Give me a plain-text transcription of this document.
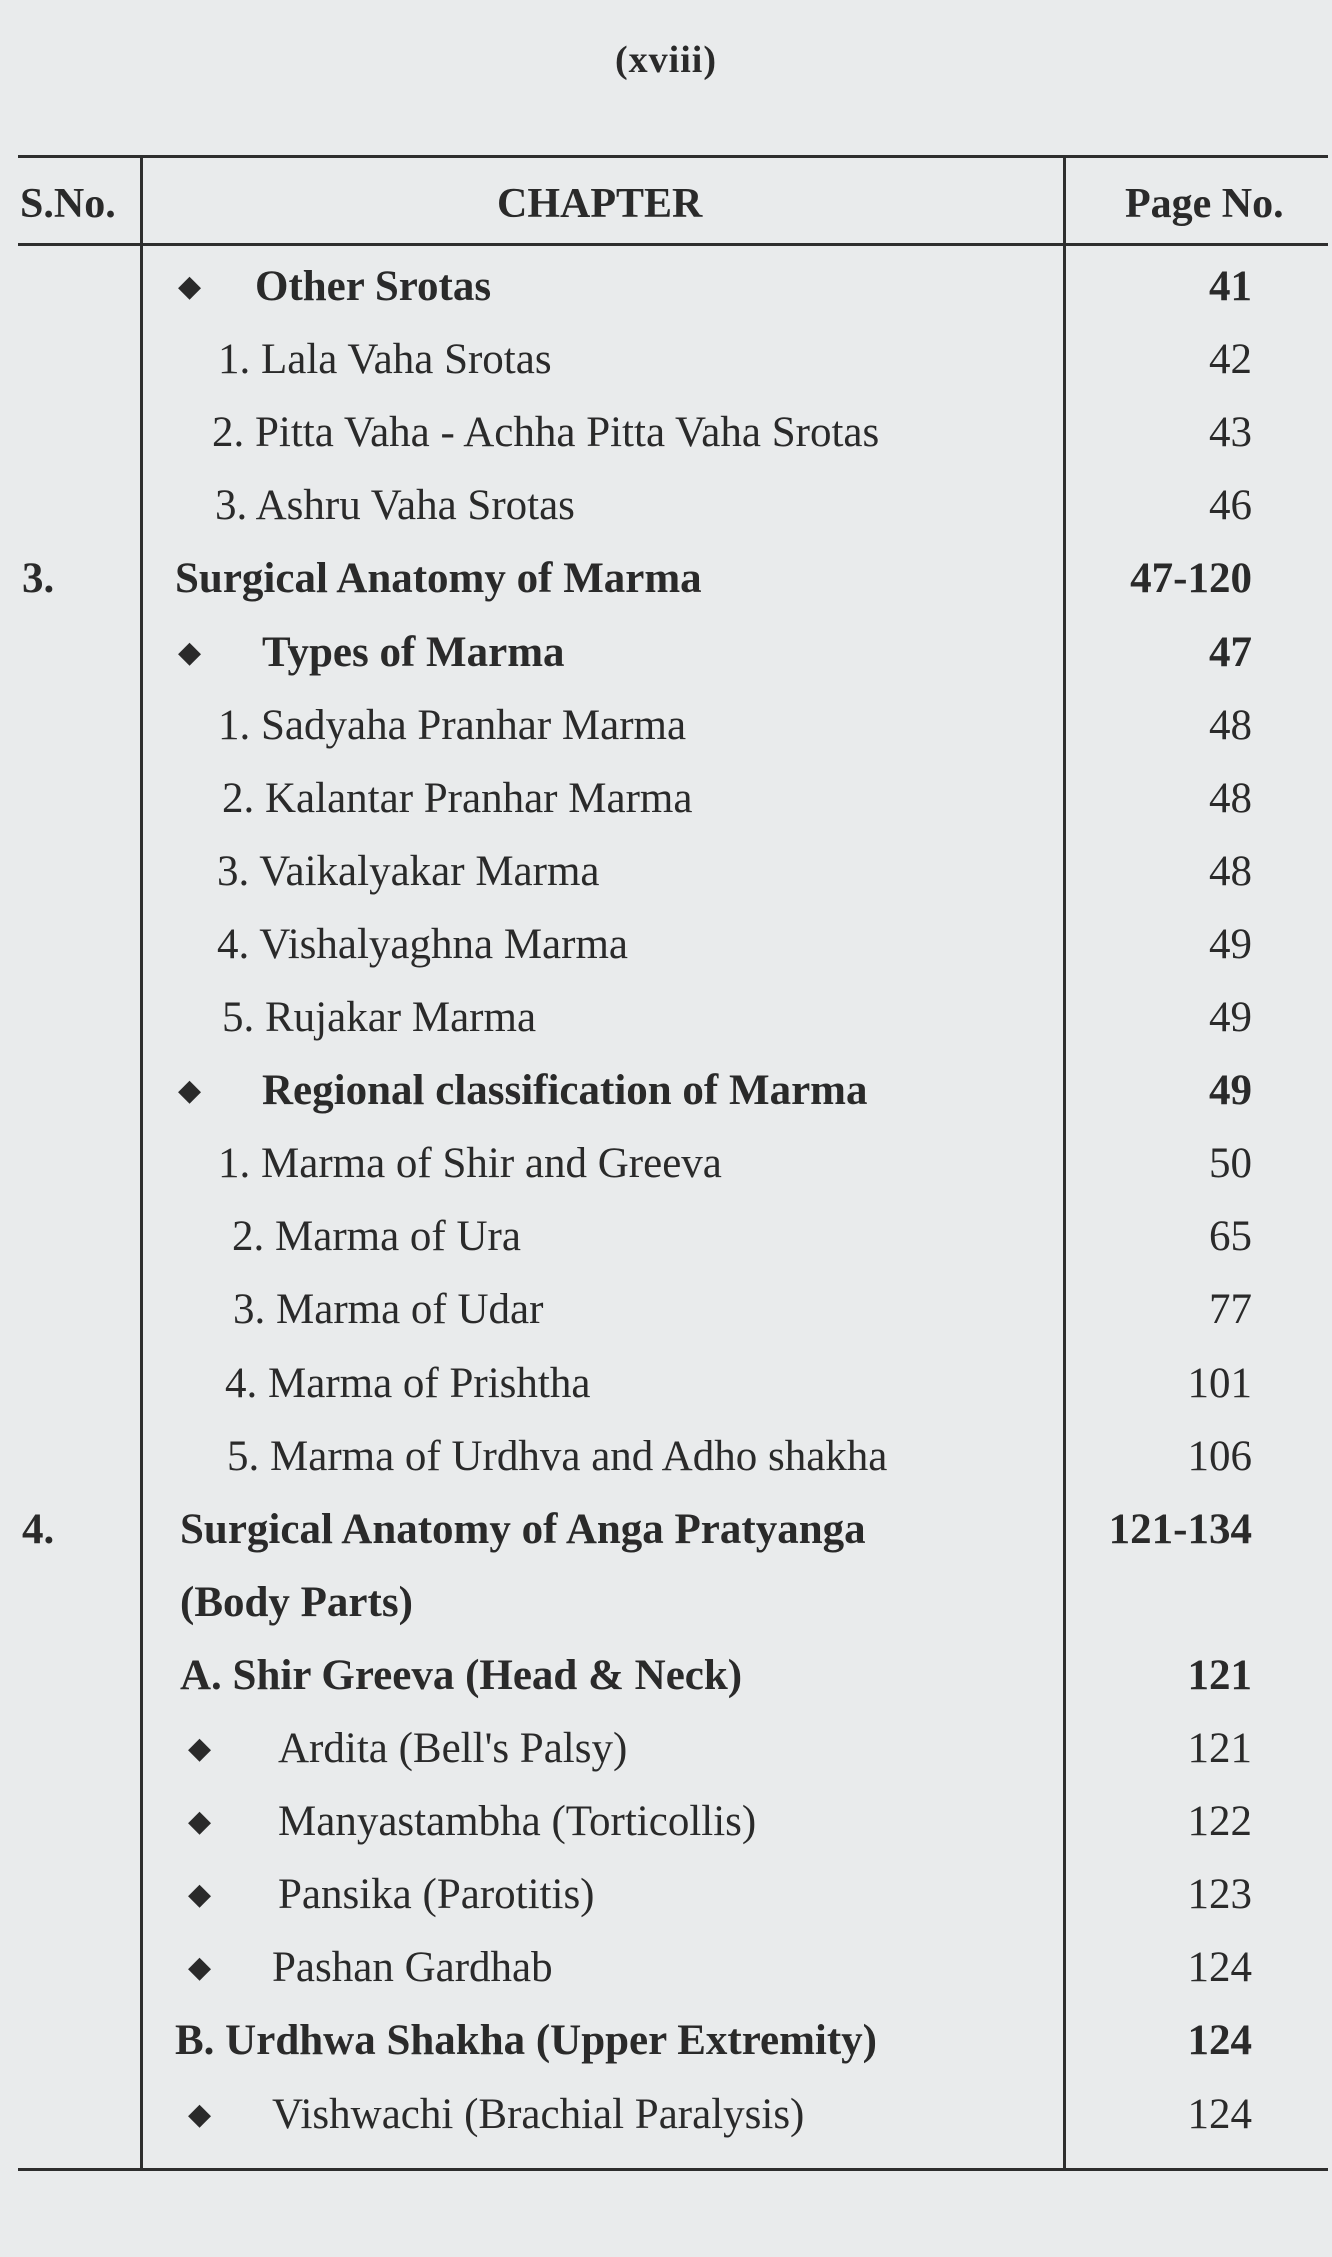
(xviii)
S.No.	CHAPTER	Page No.
◆ Other Srotas	41
1. Lala Vaha Srotas	42
2. Pitta Vaha - Achha Pitta Vaha Srotas	43
3. Ashru Vaha Srotas	46
3.	Surgical Anatomy of Marma	47-120
◆ Types of Marma	47
1. Sadyaha Pranhar Marma	48
2. Kalantar Pranhar Marma	48
3. Vaikalyakar Marma	48
4. Vishalyaghna Marma	49
5. Rujakar Marma	49
◆ Regional classification of Marma	49
1. Marma of Shir and Greeva	50
2. Marma of Ura	65
3. Marma of Udar	77
4. Marma of Prishtha	101
5. Marma of Urdhva and Adho shakha	106
4.	Surgical Anatomy of Anga Pratyanga	121-134
(Body Parts)
A. Shir Greeva (Head & Neck)	121
◆ Ardita (Bell's Palsy)	121
◆ Manyastambha (Torticollis)	122
◆ Pansika (Parotitis)	123
◆ Pashan Gardhab	124
B. Urdhwa Shakha (Upper Extremity)	124
◆ Vishwachi (Brachial Paralysis)	124
